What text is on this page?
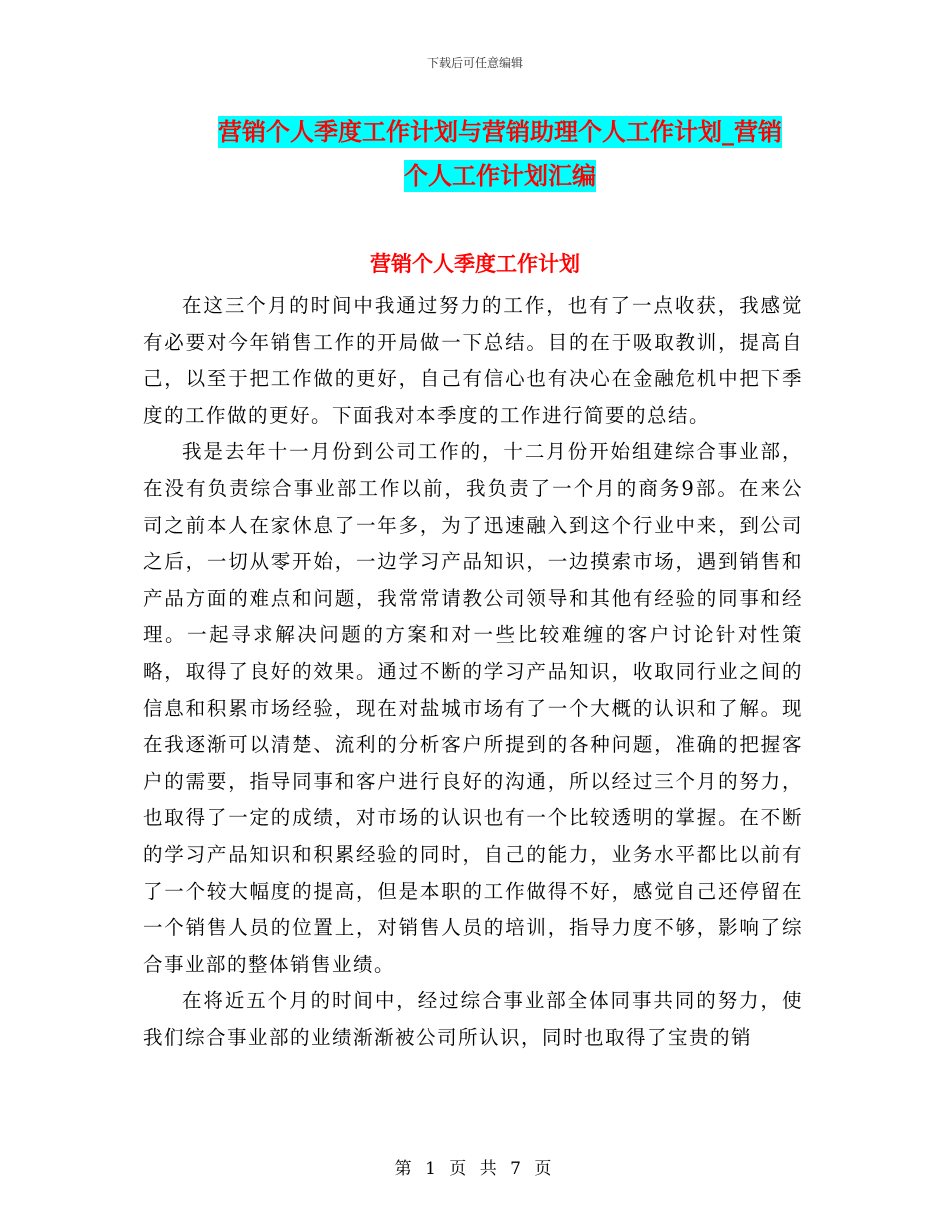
下载后可任意编辑
营销个人季度工作计划与营销助理个人工作计划_营销
个人工作计划汇编
营销个人季度工作计划

在这三个月的时间中我通过努力的工作，也有了一点收获，我感觉有必要对今年销售工作的开局做一下总结。目的在于吸取教训，提高自己，以至于把工作做的更好，自己有信心也有决心在金融危机中把下季度的工作做的更好。下面我对本季度的工作进行简要的总结。

我是去年十一月份到公司工作的，十二月份开始组建综合事业部，在没有负责综合事业部工作以前，我负责了一个月的商务9部。在来公司之前本人在家休息了一年多，为了迅速融入到这个行业中来，到公司之后，一切从零开始，一边学习产品知识，一边摸索市场，遇到销售和产品方面的难点和问题，我常常请教公司领导和其他有经验的同事和经理。一起寻求解决问题的方案和对一些比较难缠的客户讨论针对性策略，取得了良好的效果。通过不断的学习产品知识，收取同行业之间的信息和积累市场经验，现在对盐城市场有了一个大概的认识和了解。现在我逐渐可以清楚、流利的分析客户所提到的各种问题，准确的把握客户的需要，指导同事和客户进行良好的沟通，所以经过三个月的努力，也取得了一定的成绩，对市场的认识也有一个比较透明的掌握。在不断的学习产品知识和积累经验的同时，自己的能力，业务水平都比以前有了一个较大幅度的提高，但是本职的工作做得不好，感觉自己还停留在一个销售人员的位置上，对销售人员的培训，指导力度不够，影响了综合事业部的整体销售业绩。

在将近五个月的时间中，经过综合事业部全体同事共同的努力，使我们综合事业部的业绩渐渐被公司所认识，同时也取得了宝贵的销

第 1 页 共 7 页
